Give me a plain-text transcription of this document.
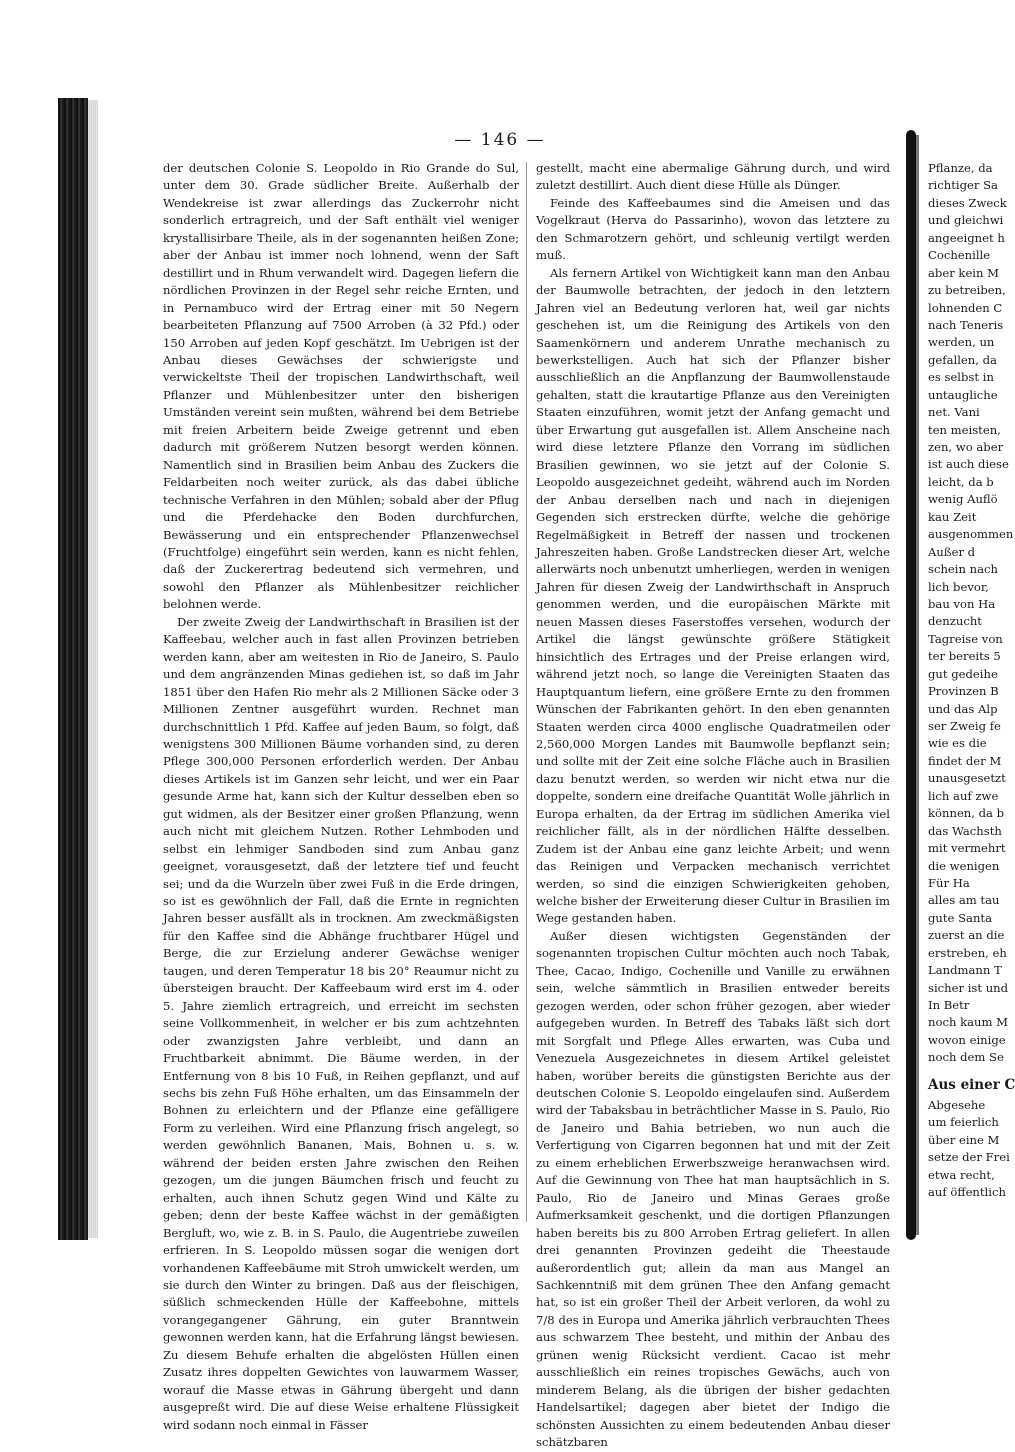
— 146 —

der deutschen Colonie S. Leopoldo in Rio Grande do Sul, unter dem 30. Grade südlicher Breite. Außerhalb der Wendekreise ist zwar allerdings das Zuckerrohr nicht sonderlich ertragreich, und der Saft enthält viel weniger krystallisirbare Theile, als in der sogenannten heißen Zone; aber der Anbau ist immer noch lohnend, wenn der Saft destillirt und in Rhum verwandelt wird. Dagegen liefern die nördlichen Provinzen in der Regel sehr reiche Ernten, und in Pernambuco wird der Ertrag einer mit 50 Negern bearbeiteten Pflanzung auf 7500 Arroben (à 32 Pfd.) oder 150 Arroben auf jeden Kopf geschätzt. Im Uebrigen ist der Anbau dieses Gewächses der schwierigste und verwickeltste Theil der tropischen Landwirthschaft, weil Pflanzer und Mühlenbesitzer unter den bisherigen Umständen vereint sein mußten, während bei dem Betriebe mit freien Arbeitern beide Zweige getrennt und eben dadurch mit größerem Nutzen besorgt werden können. Namentlich sind in Brasilien beim Anbau des Zuckers die Feldarbeiten noch weiter zurück, als das dabei übliche technische Verfahren in den Mühlen; sobald aber der Pflug und die Pferdehacke den Boden durchfurchen, Bewässerung und ein entsprechender Pflanzenwechsel (Fruchtfolge) eingeführt sein werden, kann es nicht fehlen, daß der Zuckerertrag bedeutend sich vermehren, und sowohl den Pflanzer als Mühlenbesitzer reichlicher belohnen werde.

Der zweite Zweig der Landwirthschaft in Brasilien ist der Kaffeebau, welcher auch in fast allen Provinzen betrieben werden kann, aber am weitesten in Rio de Janeiro, S. Paulo und dem angränzenden Minas gediehen ist, so daß im Jahr 1851 über den Hafen Rio mehr als 2 Millionen Säcke oder 3 Millionen Zentner ausgeführt wurden. Rechnet man durchschnittlich 1 Pfd. Kaffee auf jeden Baum, so folgt, daß wenigstens 300 Millionen Bäume vorhanden sind, zu deren Pflege 300,000 Personen erforderlich werden. Der Anbau dieses Artikels ist im Ganzen sehr leicht, und wer ein Paar gesunde Arme hat, kann sich der Kultur desselben eben so gut widmen, als der Besitzer einer großen Pflanzung, wenn auch nicht mit gleichem Nutzen. Rother Lehmboden und selbst ein lehmiger Sandboden sind zum Anbau ganz geeignet, vorausgesetzt, daß der letztere tief und feucht sei; und da die Wurzeln über zwei Fuß in die Erde dringen, so ist es gewöhnlich der Fall, daß die Ernte in regnichten Jahren besser ausfällt als in trocknen. Am zweckmäßigsten für den Kaffee sind die Abhänge fruchtbarer Hügel und Berge, die zur Erzielung anderer Gewächse weniger taugen, und deren Temperatur 18 bis 20° Reaumur nicht zu übersteigen braucht. Der Kaffeebaum wird erst im 4. oder 5. Jahre ziemlich ertragreich, und erreicht im sechsten seine Vollkommenheit, in welcher er bis zum achtzehnten oder zwanzigsten Jahre verbleibt, und dann an Fruchtbarkeit abnimmt. Die Bäume werden, in der Entfernung von 8 bis 10 Fuß, in Reihen gepflanzt, und auf sechs bis zehn Fuß Höhe erhalten, um das Einsammeln der Bohnen zu erleichtern und der Pflanze eine gefälligere Form zu verleihen. Wird eine Pflanzung frisch angelegt, so werden gewöhnlich Bananen, Mais, Bohnen u. s. w. während der beiden ersten Jahre zwischen den Reihen gezogen, um die jungen Bäumchen frisch und feucht zu erhalten, auch ihnen Schutz gegen Wind und Kälte zu geben; denn der beste Kaffee wächst in der gemäßigten Bergluft, wo, wie z. B. in S. Paulo, die Augentriebe zuweilen erfrieren. In S. Leopoldo müssen sogar die wenigen dort vorhandenen Kaffeebäume mit Stroh umwickelt werden, um sie durch den Winter zu bringen. Daß aus der fleischigen, süßlich schmeckenden Hülle der Kaffeebohne, mittels vorangegangener Gährung, ein guter Branntwein gewonnen werden kann, hat die Erfahrung längst bewiesen. Zu diesem Behufe erhalten die abgelösten Hüllen einen Zusatz ihres doppelten Gewichtes von lauwarmem Wasser, worauf die Masse etwas in Gährung übergeht und dann ausgepreßt wird. Die auf diese Weise erhaltene Flüssigkeit wird sodann noch einmal in Fässer

gestellt, macht eine abermalige Gährung durch, und wird zuletzt destillirt. Auch dient diese Hülle als Dünger.

Feinde des Kaffeebaumes sind die Ameisen und das Vogelkraut (Herva do Passarinho), wovon das letztere zu den Schmarotzern gehört, und schleunig vertilgt werden muß.

Als fernern Artikel von Wichtigkeit kann man den Anbau der Baumwolle betrachten, der jedoch in den letztern Jahren viel an Bedeutung verloren hat, weil gar nichts geschehen ist, um die Reinigung des Artikels von den Saamenkörnern und anderem Unrathe mechanisch zu bewerkstelligen. Auch hat sich der Pflanzer bisher ausschließlich an die Anpflanzung der Baumwollenstaude gehalten, statt die krautartige Pflanze aus den Vereinigten Staaten einzuführen, womit jetzt der Anfang gemacht und über Erwartung gut ausgefallen ist. Allem Anscheine nach wird diese letztere Pflanze den Vorrang im südlichen Brasilien gewinnen, wo sie jetzt auf der Colonie S. Leopoldo ausgezeichnet gedeiht, während auch im Norden der Anbau derselben nach und nach in diejenigen Gegenden sich erstrecken dürfte, welche die gehörige Regelmäßigkeit in Betreff der nassen und trockenen Jahreszeiten haben. Große Landstrecken dieser Art, welche allerwärts noch unbenutzt umherliegen, werden in wenigen Jahren für diesen Zweig der Landwirthschaft in Anspruch genommen werden, und die europäischen Märkte mit neuen Massen dieses Faserstoffes versehen, wodurch der Artikel die längst gewünschte größere Stätigkeit hinsichtlich des Ertrages und der Preise erlangen wird, während jetzt noch, so lange die Vereinigten Staaten das Hauptquantum liefern, eine größere Ernte zu den frommen Wünschen der Fabrikanten gehört. In den eben genannten Staaten werden circa 4000 englische Quadratmeilen oder 2,560,000 Morgen Landes mit Baumwolle bepflanzt sein; und sollte mit der Zeit eine solche Fläche auch in Brasilien dazu benutzt werden, so werden wir nicht etwa nur die doppelte, sondern eine dreifache Quantität Wolle jährlich in Europa erhalten, da der Ertrag im südlichen Amerika viel reichlicher fällt, als in der nördlichen Hälfte desselben. Zudem ist der Anbau eine ganz leichte Arbeit; und wenn das Reinigen und Verpacken mechanisch verrichtet werden, so sind die einzigen Schwierigkeiten gehoben, welche bisher der Erweiterung dieser Cultur in Brasilien im Wege gestanden haben.

Außer diesen wichtigsten Gegenständen der sogenannten tropischen Cultur möchten auch noch Tabak, Thee, Cacao, Indigo, Cochenille und Vanille zu erwähnen sein, welche sämmtlich in Brasilien entweder bereits gezogen werden, oder schon früher gezogen, aber wieder aufgegeben wurden. In Betreff des Tabaks läßt sich dort mit Sorgfalt und Pflege Alles erwarten, was Cuba und Venezuela Ausgezeichnetes in diesem Artikel geleistet haben, worüber bereits die günstigsten Berichte aus der deutschen Colonie S. Leopoldo eingelaufen sind. Außerdem wird der Tabaksbau in beträchtlicher Masse in S. Paulo, Rio de Janeiro und Bahia betrieben, wo nun auch die Verfertigung von Cigarren begonnen hat und mit der Zeit zu einem erheblichen Erwerbszweige heranwachsen wird. Auf die Gewinnung von Thee hat man hauptsächlich in S. Paulo, Rio de Janeiro und Minas Geraes große Aufmerksamkeit geschenkt, und die dortigen Pflanzungen haben bereits bis zu 800 Arroben Ertrag geliefert. In allen drei genannten Provinzen gedeiht die Theestaude außerordentlich gut; allein da man aus Mangel an Sachkenntniß mit dem grünen Thee den Anfang gemacht hat, so ist ein großer Theil der Arbeit verloren, da wohl zu 7/8 des in Europa und Amerika jährlich verbrauchten Thees aus schwarzem Thee besteht, und mithin der Anbau des grünen wenig Rücksicht verdient. Cacao ist mehr ausschließlich ein reines tropisches Gewächs, auch von minderem Belang, als die übrigen der bisher gedachten Handelsartikel; dagegen aber bietet der Indigo die schönsten Aussichten zu einem bedeutenden Anbau dieser schätzbaren

Pflanze, da
richtiger Sa
dieses Zweck
und gleichwi
angeeignet h
Cochenille
aber kein M
zu betreiben,
lohnenden C
nach Teneris
werden, un
gefallen, da
es selbst in
untaugliche
net. Vani
ten meisten,
zen, wo aber
ist auch diese
leicht, da b
wenig Auflö
kau Zeit
ausgenommen
Außer d
schein nach
lich bevor,
bau von Ha
denzucht
Tagreise von
ter bereits 5
gut gedeihe
Provinzen B
und das Alp
ser Zweig fe
wie es die
findet der M
unausgesetzt
lich auf zwe
können, da b
das Wachsth
mit vermehrt
die wenigen
Für Ha
alles am tau
gute Santa
zuerst an die
erstreben, eh
Landmann T
sicher ist und
In Betr
noch kaum M
wovon einige
noch dem Se
Aus einer C
Abgesehe
um feierlich
über eine M
setze der Frei
etwa recht,
auf öffentlich
